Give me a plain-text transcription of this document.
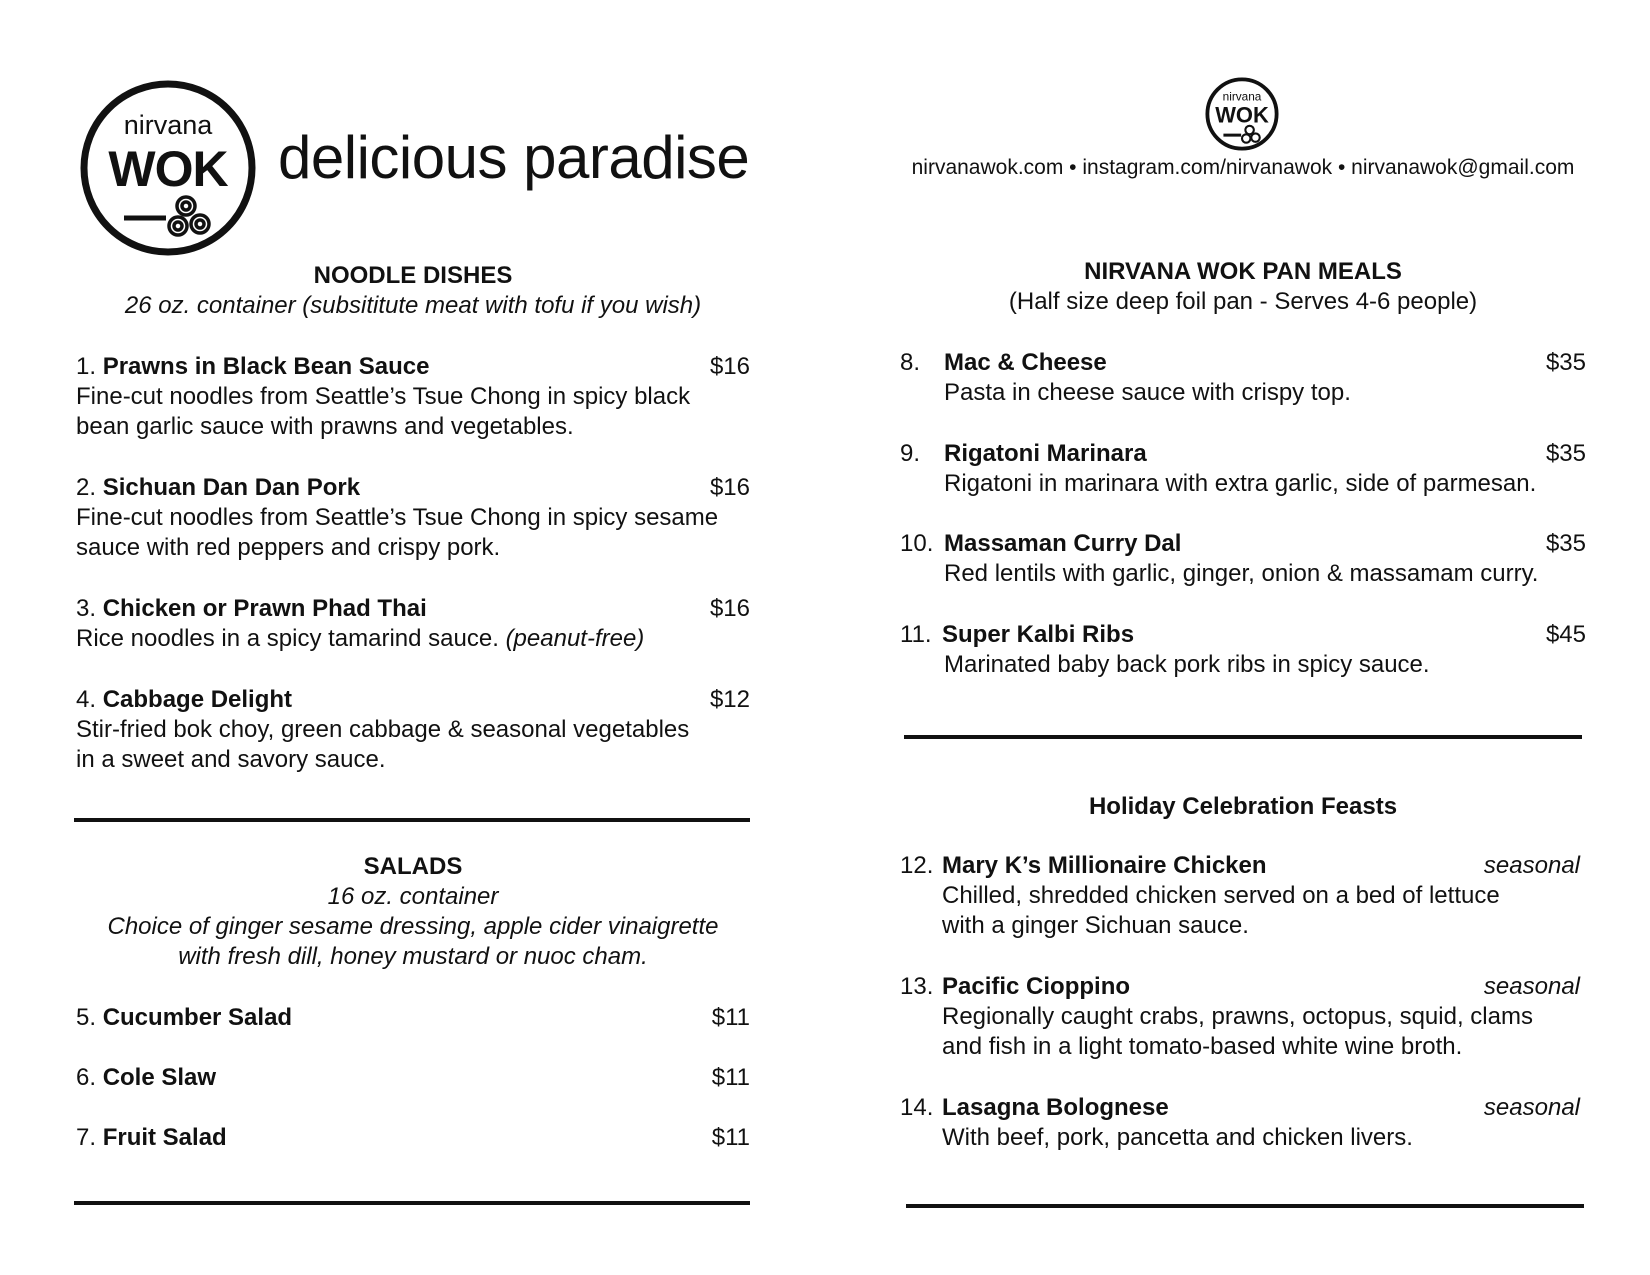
nirvana
WOK delicious paradise
nirvana
WOK
nirvanawok.com • instagram.com/nirvanawok • nirvanawok@gmail.com
NOODLE DISHES
26 oz. container (subsititute meat with tofu if you wish)
1. Prawns in Black Bean Sauce	$16
Fine-cut noodles from Seattle’s Tsue Chong in spicy black
bean garlic sauce with prawns and vegetables.
2. Sichuan Dan Dan Pork	$16
Fine-cut noodles from Seattle’s Tsue Chong in spicy sesame
sauce with red peppers and crispy pork.
3. Chicken or Prawn Phad Thai	$16
Rice noodles in a spicy tamarind sauce. (peanut-free)
4. Cabbage Delight	$12
Stir-fried bok choy, green cabbage & seasonal vegetables
in a sweet and savory sauce.
SALADS
16 oz. container
Choice of ginger sesame dressing, apple cider vinaigrette
with fresh dill, honey mustard or nuoc cham.
5. Cucumber Salad	$11
6. Cole Slaw	$11
7. Fruit Salad	$11
NIRVANA WOK PAN MEALS
(Half size deep foil pan - Serves 4-6 people)
8. Mac & Cheese	$35
Pasta in cheese sauce with crispy top.
9. Rigatoni Marinara	$35
Rigatoni in marinara with extra garlic, side of parmesan.
10. Massaman Curry Dal	$35
Red lentils with garlic, ginger, onion & massamam curry.
11. Super Kalbi Ribs	$45
Marinated baby back pork ribs in spicy sauce.
Holiday Celebration Feasts
12. Mary K’s Millionaire Chicken	seasonal
Chilled, shredded chicken served on a bed of lettuce
with a ginger Sichuan sauce.
13. Pacific Cioppino	seasonal
Regionally caught crabs, prawns, octopus, squid, clams
and fish in a light tomato-based white wine broth.
14. Lasagna Bolognese	seasonal
With beef, pork, pancetta and chicken livers.
